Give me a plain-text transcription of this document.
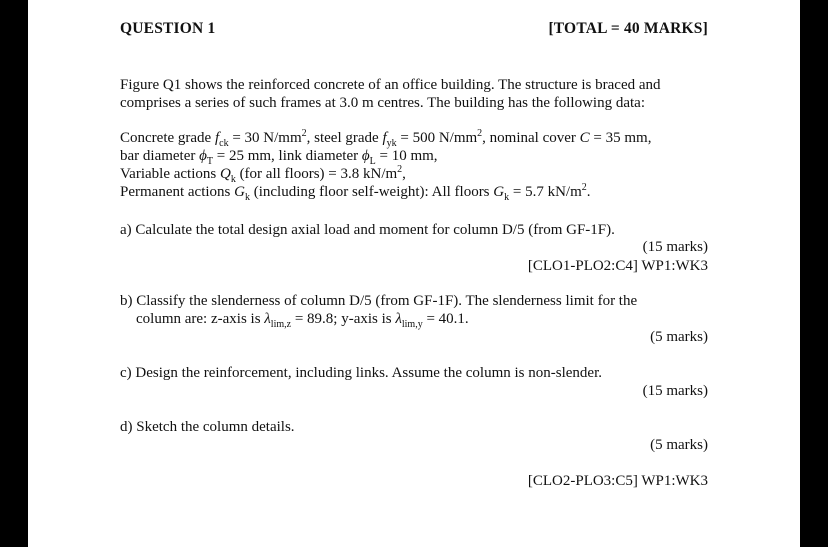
QUESTION 1	[TOTAL = 40 MARKS]
Figure Q1 shows the reinforced concrete of an office building. The structure is braced and
comprises a series of such frames at 3.0 m centres. The building has the following data:
Concrete grade $f_{ck} = 30$ $N/mm^2$, steel grade $f_{yk} = 500$ $N/mm^2$, nominal cover C = 35 mm,
bar diameter $\phi_T = 25$ mm, link diameter $\phi_L = 10$ mm,
Variable actions $Q_k$ (for all floors) = 3.8 $kN/m^2$,
Permanent actions $G_k$ (including floor self-weight): All floors $G_k = 5.7$ $kN/m^2$.
a) Calculate the total design axial load and moment for column D/5 (from GF-1F).
(15 marks)
[CLO1-PLO2:C4] WP1:WK3
b) Classify the slenderness of column D/5 (from GF-1F). The slenderness limit for the
column are: z-axis is $\lambda_{lim,z} = 89.8$; y-axis is $\lambda_{lim,y} = 40.1$.
(5 marks)
c) Design the reinforcement, including links. Assume the column is non-slender.
(15 marks)
d) Sketch the column details.
(5 marks)
[CLO2-PLO3:C5] WP1:WK3
